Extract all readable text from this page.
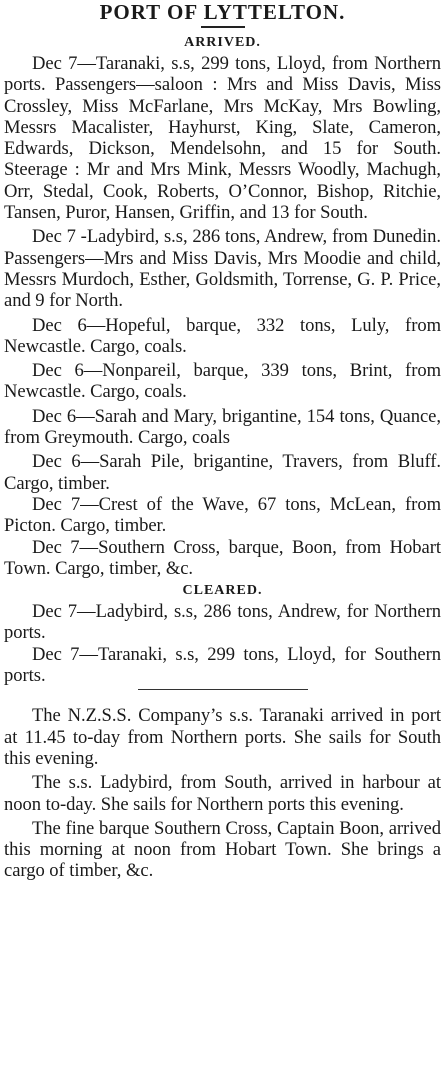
PORT OF LYTTELTON.
ARRIVED.

Dec 7—Taranaki, s.s, 299 tons, Lloyd, from Northern ports. Passengers—saloon : Mrs and Miss Davis, Miss Crossley, Miss McFarlane, Mrs McKay, Mrs Bowling, Messrs Macalister, Hayhurst, King, Slate, Cameron, Edwards, Dickson, Mendelsohn, and 15 for South. Steerage : Mr and Mrs Mink, Messrs Woodly, Machugh, Orr, Stedal, Cook, Roberts, O’Connor, Bishop, Ritchie, Tansen, Puror, Hansen, Griffin, and 13 for South.

Dec 7 -Ladybird, s.s, 286 tons, Andrew, from Dunedin. Passengers—Mrs and Miss Davis, Mrs Moodie and child, Messrs Murdoch, Esther, Goldsmith, Torrense, G. P. Price, and 9 for North.

Dec 6—Hopeful, barque, 332 tons, Luly, from Newcastle. Cargo, coals.

Dec 6—Nonpareil, barque, 339 tons, Brint, from Newcastle. Cargo, coals.

Dec 6—Sarah and Mary, brigantine, 154 tons, Quance, from Greymouth. Cargo, coals

Dec 6—Sarah Pile, brigantine, Travers, from Bluff. Cargo, timber.

Dec 7—Crest of the Wave, 67 tons, McLean, from Picton. Cargo, timber.

Dec 7—Southern Cross, barque, Boon, from Hobart Town. Cargo, timber, &c.

CLEARED.

Dec 7—Ladybird, s.s, 286 tons, Andrew, for Northern ports.

Dec 7—Taranaki, s.s, 299 tons, Lloyd, for Southern ports.

The N.Z.S.S. Company’s s.s. Taranaki arrived in port at 11.45 to-day from Northern ports. She sails for South this evening.

The s.s. Ladybird, from South, arrived in harbour at noon to-day. She sails for Northern ports this evening.

The fine barque Southern Cross, Captain Boon, arrived this morning at noon from Hobart Town. She brings a cargo of timber, &c.
